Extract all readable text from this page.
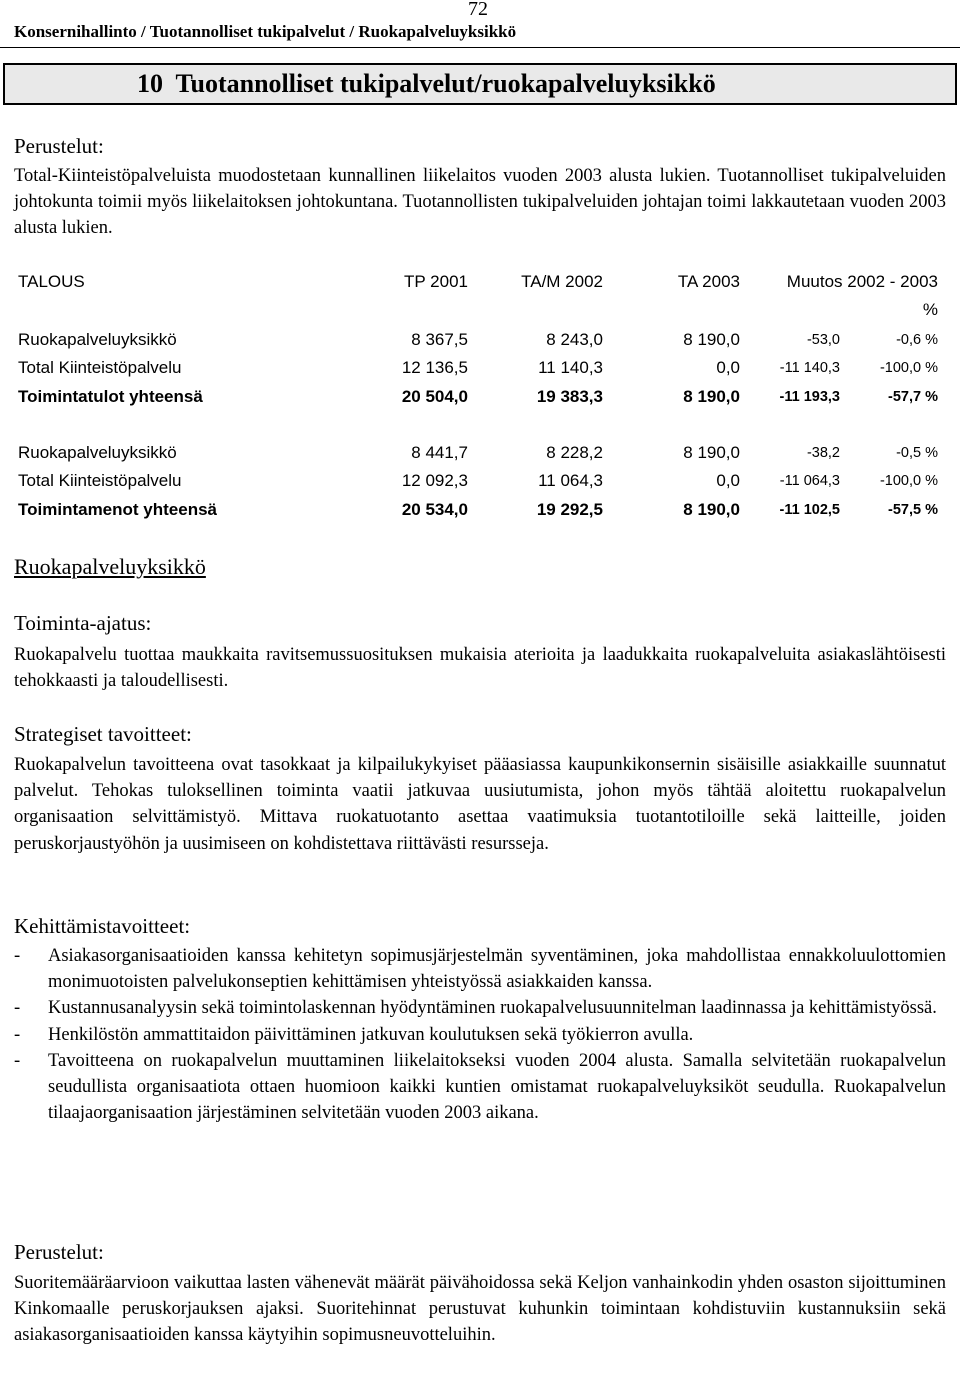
72
Konsernihallinto / Tuotannolliset tukipalvelut / Ruokapalveluyksikkö
10  Tuotannolliset tukipalvelut/ruokapalveluyksikkö
Perustelut:
Total-Kiinteistöpalveluista muodostetaan kunnallinen liikelaitos vuoden 2003 alusta lukien. Tuotannolliset tukipalveluiden johtokunta toimii myös liikelaitoksen johtokuntana. Tuotannollisten tukipalveluiden johtajan toimi lakkautetaan vuoden 2003 alusta lukien.
TALOUS	TP 2001	TA/M 2002	TA 2003	Muutos 2002 - 2003
%
Ruokapalveluyksikkö	8 367,5	8 243,0	8 190,0	-53,0	-0,6 %
Total Kiinteistöpalvelu	12 136,5	11 140,3	0,0	-11 140,3	-100,0 %
Toimintatulot yhteensä	20 504,0	19 383,3	8 190,0	-11 193,3	-57,7 %
Ruokapalveluyksikkö	8 441,7	8 228,2	8 190,0	-38,2	-0,5 %
Total Kiinteistöpalvelu	12 092,3	11 064,3	0,0	-11 064,3	-100,0 %
Toimintamenot yhteensä	20 534,0	19 292,5	8 190,0	-11 102,5	-57,5 %
Ruokapalveluyksikkö
Toiminta-ajatus:
Ruokapalvelu tuottaa maukkaita ravitsemussuosituksen mukaisia aterioita ja laadukkaita ruokapalveluita asiakaslähtöisesti tehokkaasti ja taloudellisesti.
Strategiset tavoitteet:
Ruokapalvelun tavoitteena ovat tasokkaat ja kilpailukykyiset pääasiassa kaupunkikonsernin sisäisille asiakkaille suunnatut palvelut. Tehokas tuloksellinen toiminta vaatii jatkuvaa uusiutumista, johon myös tähtää aloitettu ruokapalvelun organisaation selvittämistyö. Mittava ruokatuotanto asettaa vaatimuksia tuotantotiloille sekä laitteille, joiden peruskorjaustyöhön ja uusimiseen on kohdistettava riittävästi resursseja.
Kehittämistavoitteet:
- Asiakasorganisaatioiden kanssa kehitetyn sopimusjärjestelmän syventäminen, joka mahdollistaa ennakkoluulottomien monimuotoisten palvelukonseptien kehittämisen yhteistyössä asiakkaiden kanssa.
- Kustannusanalyysin sekä toimintolaskennan hyödyntäminen ruokapalvelusuunnitelman laadinnassa ja kehittämistyössä.
- Henkilöstön ammattitaidon päivittäminen jatkuvan koulutuksen sekä työkierron avulla.
- Tavoitteena on ruokapalvelun muuttaminen liikelaitokseksi vuoden 2004 alusta. Samalla selvitetään ruokapalvelun seudullista organisaatiota ottaen huomioon kaikki kuntien omistamat ruokapalveluyksiköt seudulla. Ruokapalvelun tilaajaorganisaation järjestäminen selvitetään vuoden 2003 aikana.
Perustelut:
Suoritemääräarvioon vaikuttaa lasten vähenevät määrät päivähoidossa sekä Keljon vanhainkodin yhden osaston sijoittuminen Kinkomaalle peruskorjauksen ajaksi. Suoritehinnat perustuvat kuhunkin toimintaan kohdistuviin kustannuksiin sekä asiakasorganisaatioiden kanssa käytyihin sopimusneuvotteluihin.
